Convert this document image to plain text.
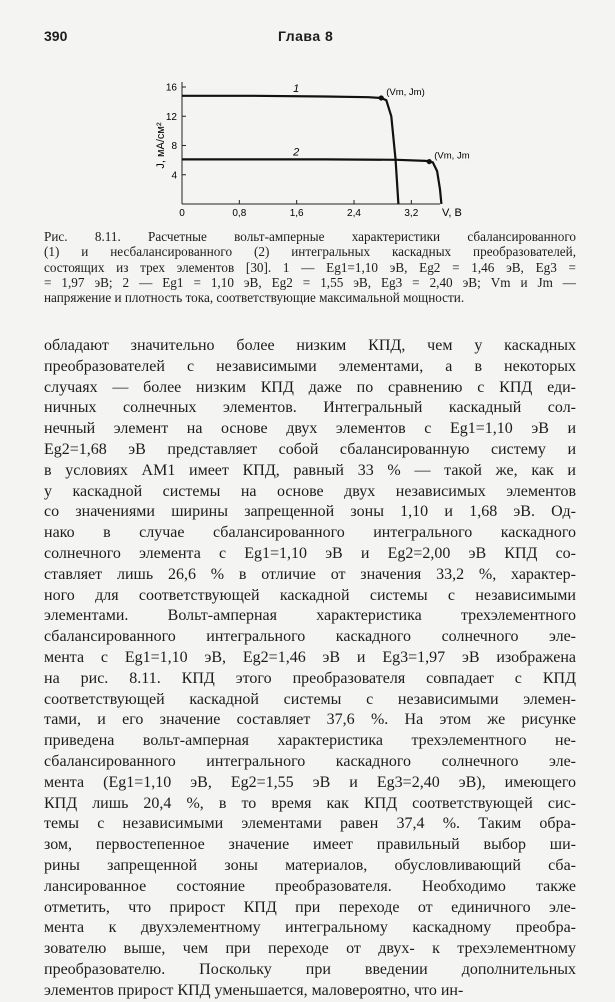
390	Глава 8
0	0,8	1,6	2,4	3,2
4
8
12
16	1	(Vm, Jm)
2	(Vm, Jm)
J, мА/см²
V, В

Рис. 8.11. Расчетные вольт-амперные характеристики сбалансированного

(1) и несбалансированного (2) интегральных каскадных преобразователей,

состоящих из трех элементов [30]. 1 — Eg1=1,10 эВ, Eg2 = 1,46 эВ, Eg3 =

= 1,97 эВ; 2 — Eg1 = 1,10 эВ, Eg2 = 1,55 эВ, Eg3 = 2,40 эВ; Vm и Jm —

напряжение и плотность тока, соответствующие максимальной мощности.

обладают значительно более низким КПД, чем у каскадных
преобразователей с независимыми элементами, а в некоторых
случаях — более низким КПД даже по сравнению с КПД еди-
ничных солнечных элементов. Интегральный каскадный сол-
нечный элемент на основе двух элементов с Eg1=1,10 эВ и
Eg2=1,68 эВ представляет собой сбалансированную систему и
в условиях АМ1 имеет КПД, равный 33 % — такой же, как и
у каскадной системы на основе двух независимых элементов
со значениями ширины запрещенной зоны 1,10 и 1,68 эВ. Од-
нако в случае сбалансированного интегрального каскадного
солнечного элемента с Eg1=1,10 эВ и Eg2=2,00 эВ КПД со-
ставляет лишь 26,6 % в отличие от значения 33,2 %, характер-
ного для соответствующей каскадной системы с независимыми
элементами. Вольт-амперная характеристика трехэлементного
сбалансированного интегрального каскадного солнечного эле-
мента с Eg1=1,10 эВ, Eg2=1,46 эВ и Eg3=1,97 эВ изображена
на рис. 8.11. КПД этого преобразователя совпадает с КПД
соответствующей каскадной системы с независимыми элемен-
тами, и его значение составляет 37,6 %. На этом же рисунке
приведена вольт-амперная характеристика трехэлементного не-
сбалансированного интегрального каскадного солнечного эле-
мента (Eg1=1,10 эВ, Eg2=1,55 эВ и Eg3=2,40 эВ), имеющего
КПД лишь 20,4 %, в то время как КПД соответствующей сис-
темы с независимыми элементами равен 37,4 %. Таким обра-
зом, первостепенное значение имеет правильный выбор ши-
рины запрещенной зоны материалов, обусловливающий сба-
лансированное состояние преобразователя. Необходимо также
отметить, что прирост КПД при переходе от единичного эле-
мента к двухэлементному интегральному каскадному преобра-
зователю выше, чем при переходе от двух- к трехэлементному
преобразователю. Поскольку при введении дополнительных
элементов прирост КПД уменьшается, маловероятно, что ин-
